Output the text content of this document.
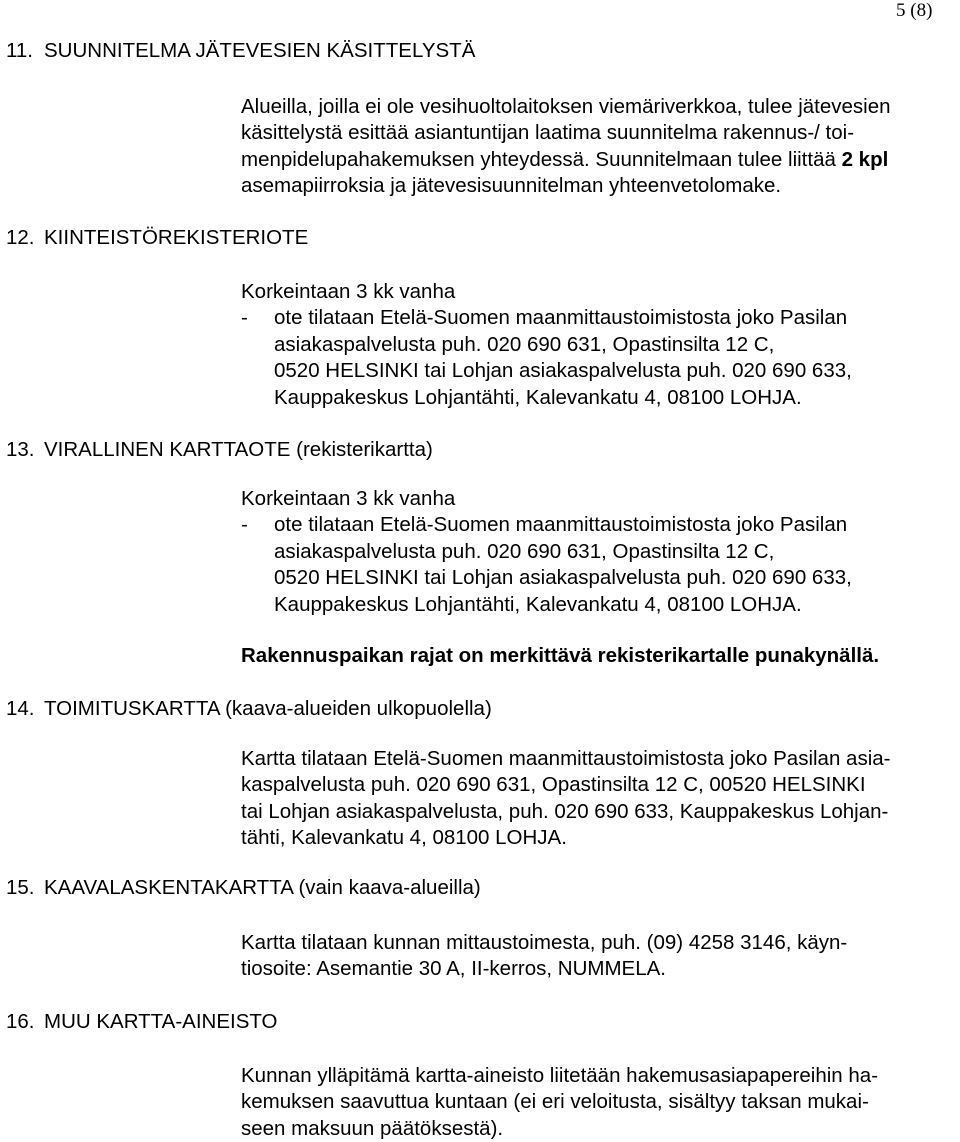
5 (8)
11. SUUNNITELMA JÄTEVESIEN KÄSITTELYSTÄ
Alueilla, joilla ei ole vesihuoltolaitoksen viemäriverkkoa, tulee jätevesien
käsittelystä esittää asiantuntijan laatima suunnitelma rakennus-/ toi-
menpidelupahakemuksen yhteydessä. Suunnitelmaan tulee liittää 2 kpl
asemapiirroksia ja jätevesisuunnitelman yhteenvetolomake.
12. KIINTEISTÖREKISTERIOTE
Korkeintaan 3 kk vanha
- ote tilataan Etelä-Suomen maanmittaustoimistosta joko Pasilan
asiakaspalvelusta puh. 020 690 631, Opastinsilta 12 C,
0520 HELSINKI tai Lohjan asiakaspalvelusta puh. 020 690 633,
Kauppakeskus Lohjantähti, Kalevankatu 4, 08100 LOHJA.
13. VIRALLINEN KARTTAOTE (rekisterikartta)
Korkeintaan 3 kk vanha
- ote tilataan Etelä-Suomen maanmittaustoimistosta joko Pasilan
asiakaspalvelusta puh. 020 690 631, Opastinsilta 12 C,
0520 HELSINKI tai Lohjan asiakaspalvelusta puh. 020 690 633,
Kauppakeskus Lohjantähti, Kalevankatu 4, 08100 LOHJA.
Rakennuspaikan rajat on merkittävä rekisterikartalle punakynällä.
14. TOIMITUSKARTTA (kaava-alueiden ulkopuolella)
Kartta tilataan Etelä-Suomen maanmittaustoimistosta joko Pasilan asia-
kaspalvelusta puh. 020 690 631, Opastinsilta 12 C, 00520 HELSINKI
tai Lohjan asiakaspalvelusta, puh. 020 690 633, Kauppakeskus Lohjan-
tähti, Kalevankatu 4, 08100 LOHJA.
15. KAAVALASKENTAKARTTA (vain kaava-alueilla)
Kartta tilataan kunnan mittaustoimesta, puh. (09) 4258 3146, käyn-
tiosoite: Asemantie 30 A, II-kerros, NUMMELA.
16. MUU KARTTA-AINEISTO
Kunnan ylläpitämä kartta-aineisto liitetään hakemusasiapapereihin ha-
kemuksen saavuttua kuntaan (ei eri veloitusta, sisältyy taksan mukai-
seen maksuun päätöksestä).
